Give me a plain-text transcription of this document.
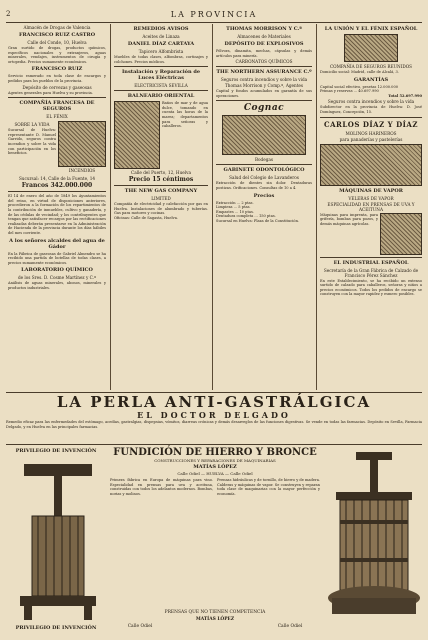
2	LA PROVINCIA
Almacén de Drogas de Valencia
FRANCISCO RUIZ CASTRO
Calle del Conde, 10, Huelva
Gran surtido de drogas, productos químicos, específicos nacionales y extranjeros, aguas minerales, vendajes, instrumentos de cirugía y ortopedia. Precios sumamente económicos.
FRANCISCO RUIZ
Servicio esmerado en toda clase de encargos y pedidos para los pueblos de la provincia.
Depósito de cervezas y gaseosas
Agentes generales para Huelva y su provincia.
COMPAÑÍA FRANCESA DE SEGUROS
EL FÉNIX
SOBRE LA VIDA
Sucursal de Huelva: representante D. Manuel Garrido, seguros contra incendios y sobre la vida con participación en los beneficios.
INCENDIOS
Sucursal: 14, Calle de la Fuente, 14
Francos 342.000.000
El 14 de enero del año de 1849 los Ayuntamientos del reino, en virtud de disposiciones anteriores, procedieron a la formación de los repartimientos de la contribución de inmuebles, cultivo y ganadería, y de las cédulas de vecindad; y los contribuyentes que tengan que satisfacer recargos por las rectificaciones realizadas deberán presentarse en la Administración de Hacienda de la provincia durante los días hábiles del mes corriente.
A los señores alcaldes del agua de Gádor
En la Fábrica de gaseosas de Gabriel Almendro se ha recibido una partida de botellas de todas clases, a precios sumamente económicos.
LABORATORIO QUÍMICO
de los Sres. D. Cosme Martínez y C.ª
Análisis de aguas minerales, abonos, minerales y productos industriales.
REMEDIOS AVISOS
Aceites de Linaza
DANIEL DÍAZ CARTAYA
Tapicero Alfombrista
Muebles de todas clases, alfombras, cortinajes y colchones. Precios módicos.
Instalación y Reparación de Luces Eléctricas
ELECTRICISTA SEVILLA
BALNEARIO ORIENTAL
Baños de mar y de agua dulce, tomando en cuenta las horas de la marea; departamentos para señoras y caballeros.
Calle del Puerto, 12, Huelva
Precio 15 céntimos
THE NEW GAS COMPANY
LIMITED
Compañía de electricidad y calefacción por gas en Huelva. Instalaciones de alumbrado y tuberías. Gas para motores y cocinas.
Oficinas: Calle de Sagasta, Huelva.
THOMAS MORRISON Y C.ª
Almacenes de Materiales
DEPÓSITO DE EXPLOSIVOS
Pólvora, dinamita, mechas, cápsulas y demás artículos para minería.
CARBONATOS QUÍMICOS
THE NORTHERN ASSURANCE C.º
Seguros contra incendios y sobre la vida
Thomas Morrison y Comp.ª, Agentes
Capital y fondos acumulados en garantía de sus operaciones.
Cognac
Bodegas
GABINETE ODONTOLÓGICO
Salud del Colegio de Lavanderos
Extracción de dientes sin dolor. Dentaduras postizas. Orificaciones. Consultas de 10 a 4.
Precios
Extracción ... 2 ptas.
Limpieza ... 5 ptas.
Empastes ... 10 ptas.
Dentadura completa ... 150 ptas.
Sucursal en Huelva: Plaza de la Constitución.
LA UNIÓN Y EL FÉNIX ESPAÑOL
COMPAÑÍA DE SEGUROS REUNIDOS
Domicilio social: Madrid, calle de Alcalá, 3.
GARANTÍAS
Capital social efectivo, pesetas 12.000.000
Primas y reservas ... 40.697.990
Total 52.697.990
Seguros contra incendios y sobre la vida
Subdirector en la provincia de Huelva: D. José Domínguez, Concepción, 15.
CARLOS DÍAZ Y DÍAZ
MOLINOS HARINEROS
para panaderías y pastelerías
MÁQUINAS DE VAPOR
VELERAS DE VAPOR
ESPECIALIDAD EN PRENSAS DE UVA Y ACEITUNA
Máquinas para imprenta, para grifería, bombas para pozos, y demás máquinas agrícolas.
EL INDUSTRIAL ESPAÑOL
Secretaría de la Gran Fábrica de Calzado de Francisco Pérez Sánchez
En este Establecimiento, se ha recibido un extenso surtido de calzado para caballeros, señoras y niños a precios económicos. Todos los pedidos de encargo se construyen con la mayor rapidez y esmero posibles.
LA PERLA ANTI-GASTRÁLGICA
EL DOCTOR DELGADO
Remedio eficaz para las enfermedades del estómago, acedías, gastralgias, dispepsias, vómitos, diarreas crónicas y demás desarreglos de las funciones digestivas. Se vende en todas las farmacias. Depósito en Sevilla, Farmacia Delgado, y en Huelva en las principales farmacias.
PRIVILEGIO DE INVENCIÓN
PRIVILEGIO DE INVENCIÓN
FUNDICIÓN DE HIERRO Y BRONCE
CONSTRUCCIONES Y REPARACIONES DE MAQUINARIAS
MATÍAS LÓPEZ
Calle Odiel — HUELVA — Calle Odiel
Primera fábrica en Europa de máquinas para vino. Especialidad en prensas para uva y aceituna, construidas con todos los adelantos modernos. Bombas, norias y molinos.
Prensas hidráulicas y de tornillo, de hierro y de madera. Calderas y máquinas de vapor. Se construyen y reparan toda clase de maquinarias con la mayor perfección y economía.
PRENSAS QUE NO TIENEN COMPETENCIA
MATÍAS LÓPEZ
Calle Odiel	Calle Odiel
